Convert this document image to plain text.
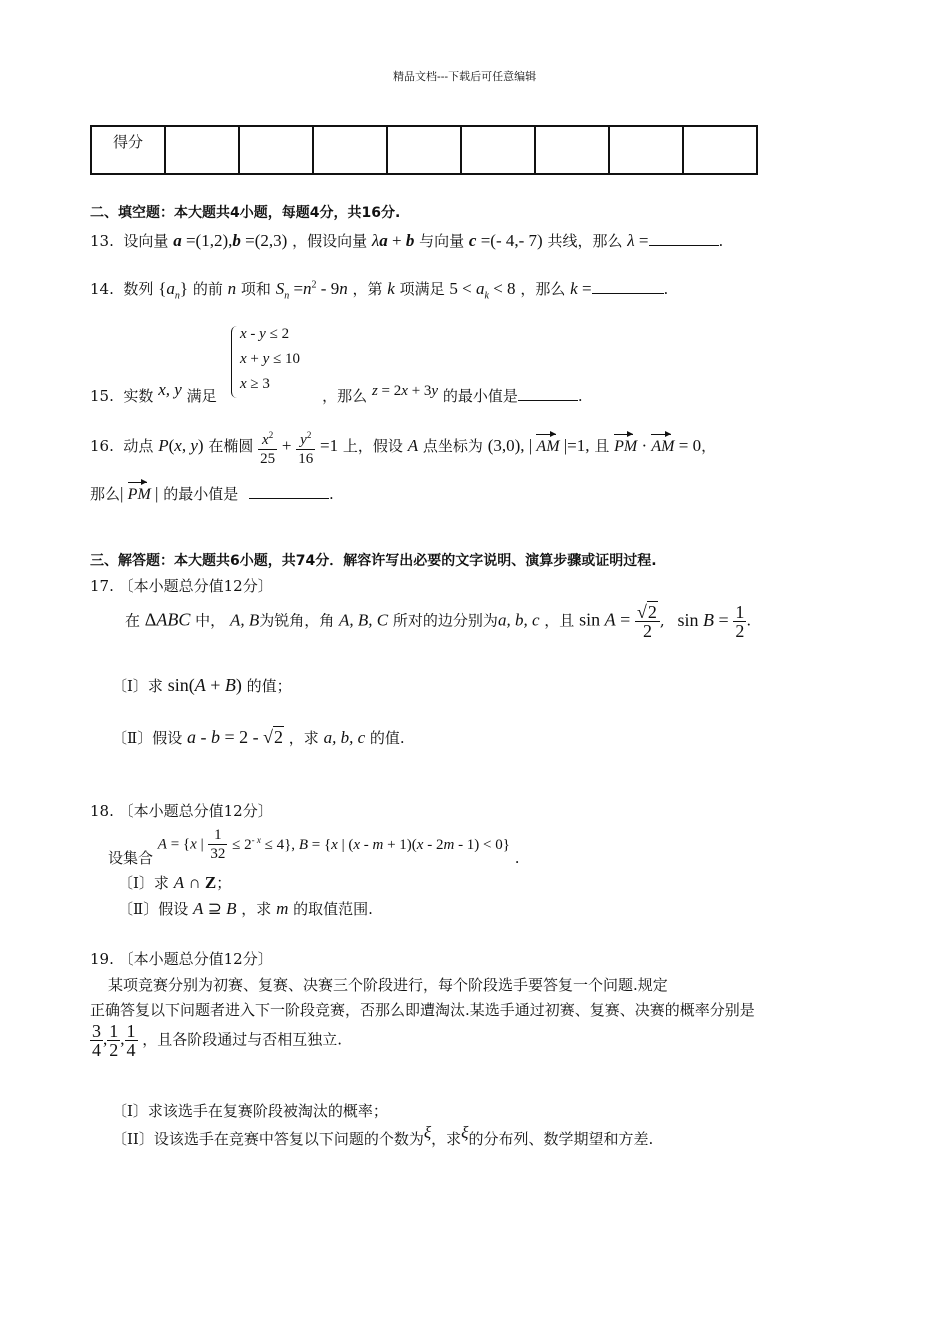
精品文档---下载后可任意编辑
得分								
二、填空题：本大题共4小题，每题4分，共16分.
13. 设向量 a =(1,2),b =(2,3) ，假设向量 λa + b 与向量 c =(- 4,- 7) 共线，那么 λ =	.
14. 数列 $\{a_n\}$ 的前 n 项和 $S_n =n^2 - 9n$ ，第 k 项满足 $5 < a_k < 8$ ，那么 k =	.
x - y ≤ 2
x + y ≤ 10
x ≥ 3
15. 实数 x, y 满足	，那么 z = 2x + 3y 的最小值是	.
16. 动点 P(x, y) 在椭圆 $\frac{x^2}{25} + \frac{y^2}{16} =1$ 上，假设 A 点坐标为 (3,0), | AM |=1, 且 PM · AM = 0，
那么| PM | 的最小值是	.
三、解答题：本大题共6小题，共74分．解容许写出必要的文字说明、演算步骤或证明过程.
17. 〔本小题总分值12分〕
在 ΔABC 中， A, B为锐角，角 A, B, C 所对的边分别为a, b, c ，且 $\sin A = \frac{√2}{2}$ , $\sin B = \frac{1}{2}$ .
〔Ⅰ〕求 sin(A + B) 的值；
〔Ⅱ〕假设 a - b = 2 - √2 ，求 a, b, c 的值.
18. 〔本小题总分值12分〕
设集合 A = {x | $\frac{1}{32} \le 2^{- x} \le 4$}, B = {x | (x - m + 1)(x - 2m - 1) < 0} .
〔Ⅰ〕求 A ∩ Z；
〔Ⅱ〕假设 A ⊇ B ，求 m 的取值范围.
19. 〔本小题总分值12分〕
某项竞赛分别为初赛、复赛、决赛三个阶段进行，每个阶段选手要答复一个问题.规定
正确答复以下问题者进入下一阶段竞赛，否那么即遭淘汰.某选手通过初赛、复赛、决赛的概率分别是
$\frac{3}{4}$ , $\frac{1}{2}$ , $\frac{1}{4}$ ，且各阶段通过与否相互独立.
〔I〕求该选手在复赛阶段被淘汰的概率；
〔II〕设该选手在竞赛中答复以下问题的个数为ξ，求ξ的分布列、数学期望和方差.
